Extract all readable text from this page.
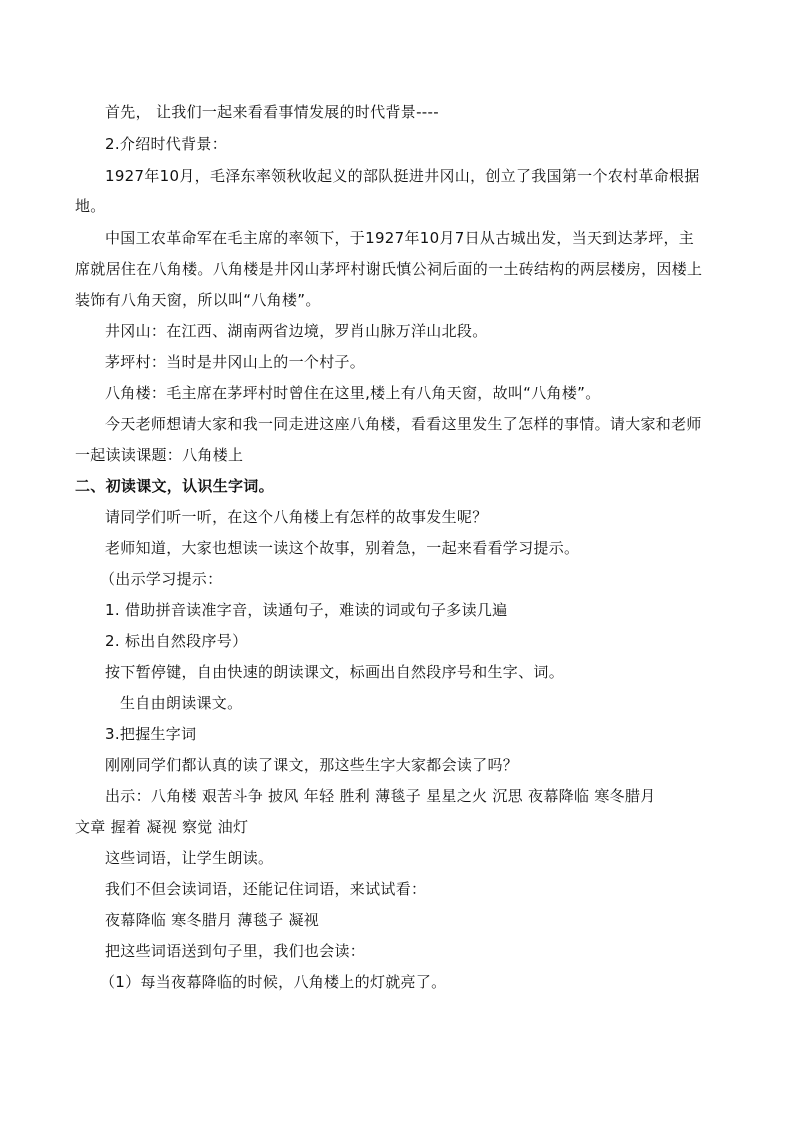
首先， 让我们一起来看看事情发展的时代背景----
2.介绍时代背景：
1927年10月，毛泽东率领秋收起义的部队挺进井冈山，创立了我国第一个农村革命根据
地。
中国工农革命军在毛主席的率领下，于1927年10月7日从古城出发，当天到达茅坪，主
席就居住在八角楼。八角楼是井冈山茅坪村谢氏慎公祠后面的一土砖结构的两层楼房，因楼上
装饰有八角天窗，所以叫“八角楼”。
井冈山：在江西、湖南两省边境，罗肖山脉万洋山北段。
茅坪村：当时是井冈山上的一个村子。
八角楼：毛主席在茅坪村时曾住在这里,楼上有八角天窗，故叫“八角楼”。
今天老师想请大家和我一同走进这座八角楼，看看这里发生了怎样的事情。请大家和老师
一起读读课题：八角楼上
二、初读课文，认识生字词。
请同学们听一听，在这个八角楼上有怎样的故事发生呢？
老师知道，大家也想读一读这个故事，别着急，一起来看看学习提示。
（出示学习提示：
1. 借助拼音读准字音，读通句子，难读的词或句子多读几遍
2. 标出自然段序号）
按下暂停键，自由快速的朗读课文，标画出自然段序号和生字、词。
生自由朗读课文。
3.把握生字词
刚刚同学们都认真的读了课文，那这些生字大家都会读了吗？
出示：八角楼 艰苦斗争 披风 年轻 胜利 薄毯子 星星之火 沉思 夜幕降临 寒冬腊月
文章 握着 凝视 察觉 油灯
这些词语，让学生朗读。
我们不但会读词语，还能记住词语，来试试看：
夜幕降临 寒冬腊月 薄毯子 凝视
把这些词语送到句子里，我们也会读：
（1）每当夜幕降临的时候，八角楼上的灯就亮了。
